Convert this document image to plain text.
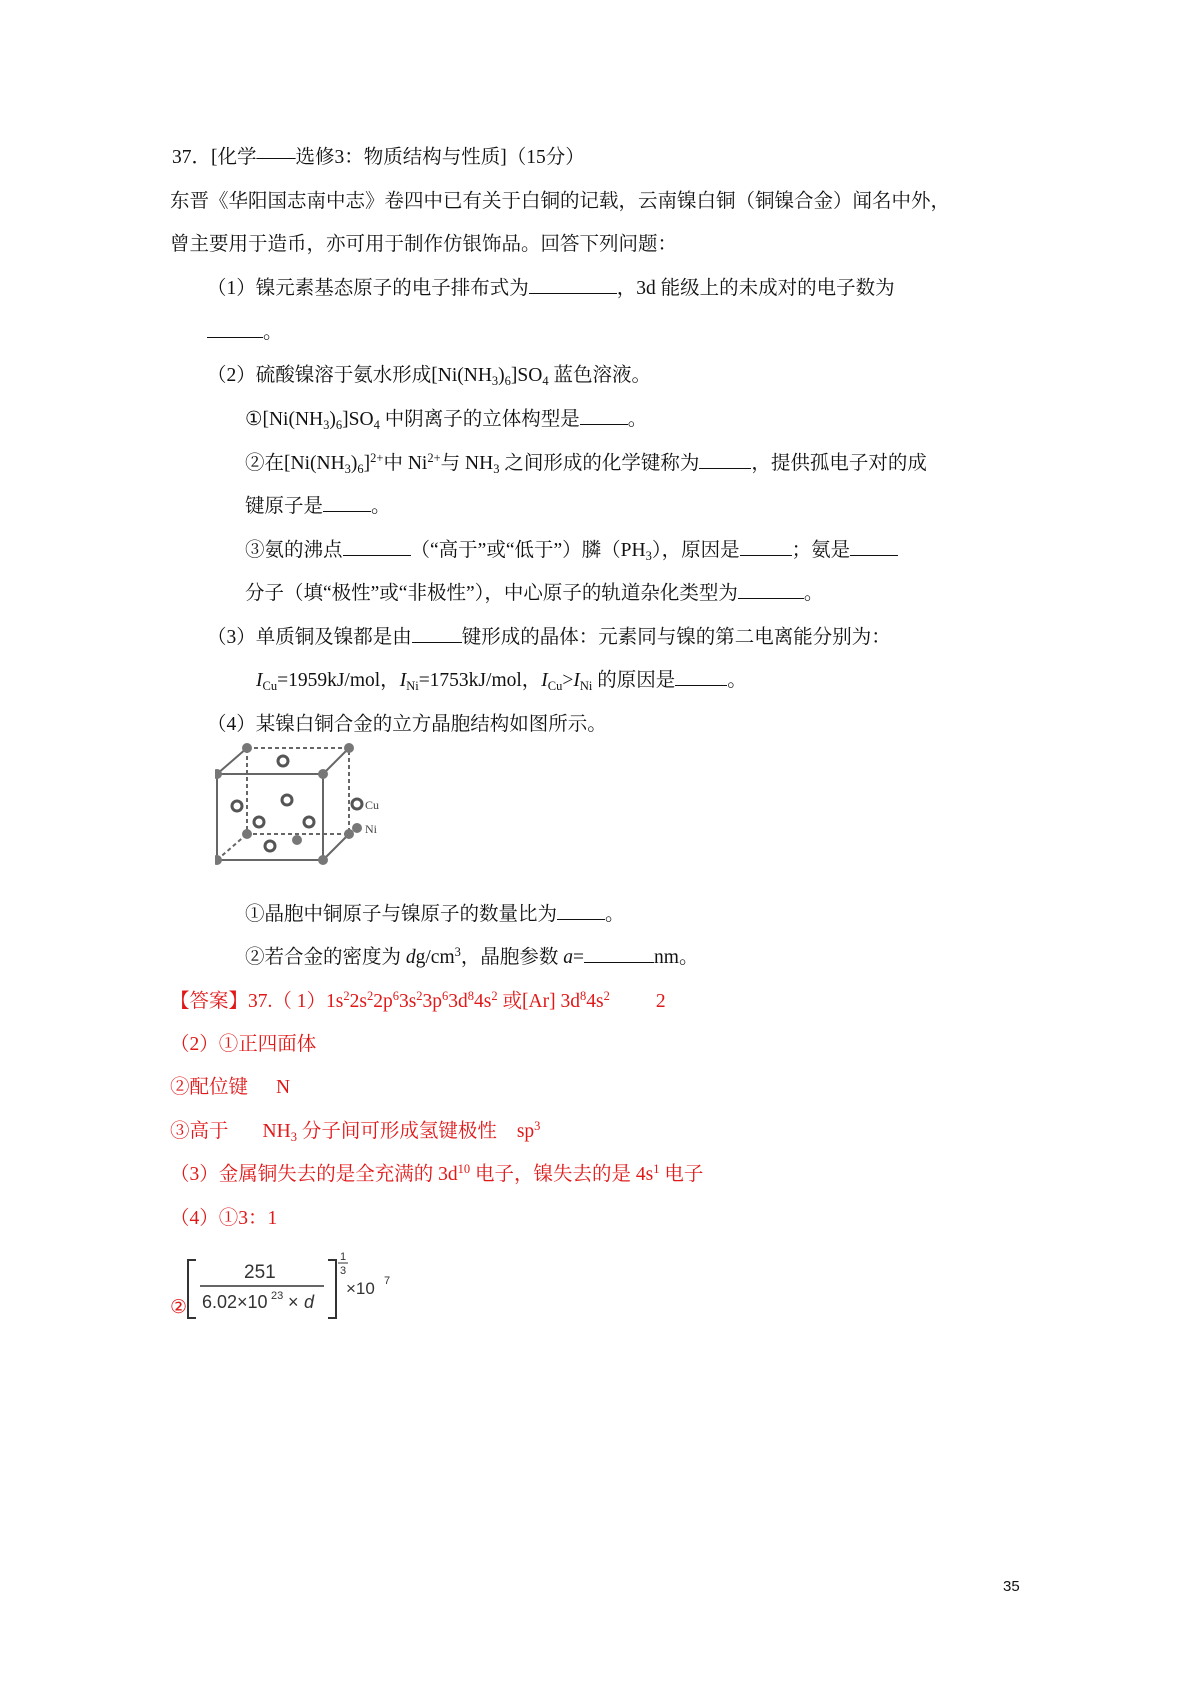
37．[化学——选修3：物质结构与性质]（15分）
东晋《华阳国志南中志》卷四中已有关于白铜的记载，云南镍白铜（铜镍合金）闻名中外，
曾主要用于造币，亦可用于制作仿银饰品。回答下列问题：
（1）镍元素基态原子的电子排布式为	，3d 能级上的未成对的电子数为
。
（2）硫酸镍溶于氨水形成$[Ni(NH_3)_6]SO_4$ 蓝色溶液。
$①[Ni(NH_3)_6]SO_4$ 中阴离子的立体构型是 。
②在$[Ni(NH_3)_6]^{2+}$中 $Ni^{2+}$与 $NH_3$ 之间形成的化学键称为	，提供孤电子对的成
键原子是 。
③氨的沸点	（“高于”或“低于”）膦$(PH_3)$，原因是	；氨是
分子（填“极性”或“非极性”），中心原子的轨道杂化类型为	。
（3）单质铜及镍都是由	键形成的晶体：元素同与镍的第二电离能分别为：
$I_{Cu}=1959kJ$/mol，$I_{Ni}=1753kJ$/mol，$I_{Cu}>I_{Ni}$ 的原因是	。
（4）某镍白铜合金的立方晶胞结构如图所示。
Cu
Ni
①晶胞中铜原子与镍原子的数量比为 。
②若合金的密度为 $dg/cm^3$，晶胞参数 a=	nm。
【答案】37.（ $1)1s^22s^22p^63s^23p^63d^84s^2$ 或[Ar] $3d^84s^2$ 2
（2）①正四面体
②配位键 N
③高于 $NH_3$ 分子间可形成氢键极性 $sp^3$
（3）金属铜失去的是全充满的 $3d^{10}$ 电子，镍失去的是 $4s^1$ 电子
（4）①3：1
②
251
6.02×10 23 × d
1
3
×10 7
35
